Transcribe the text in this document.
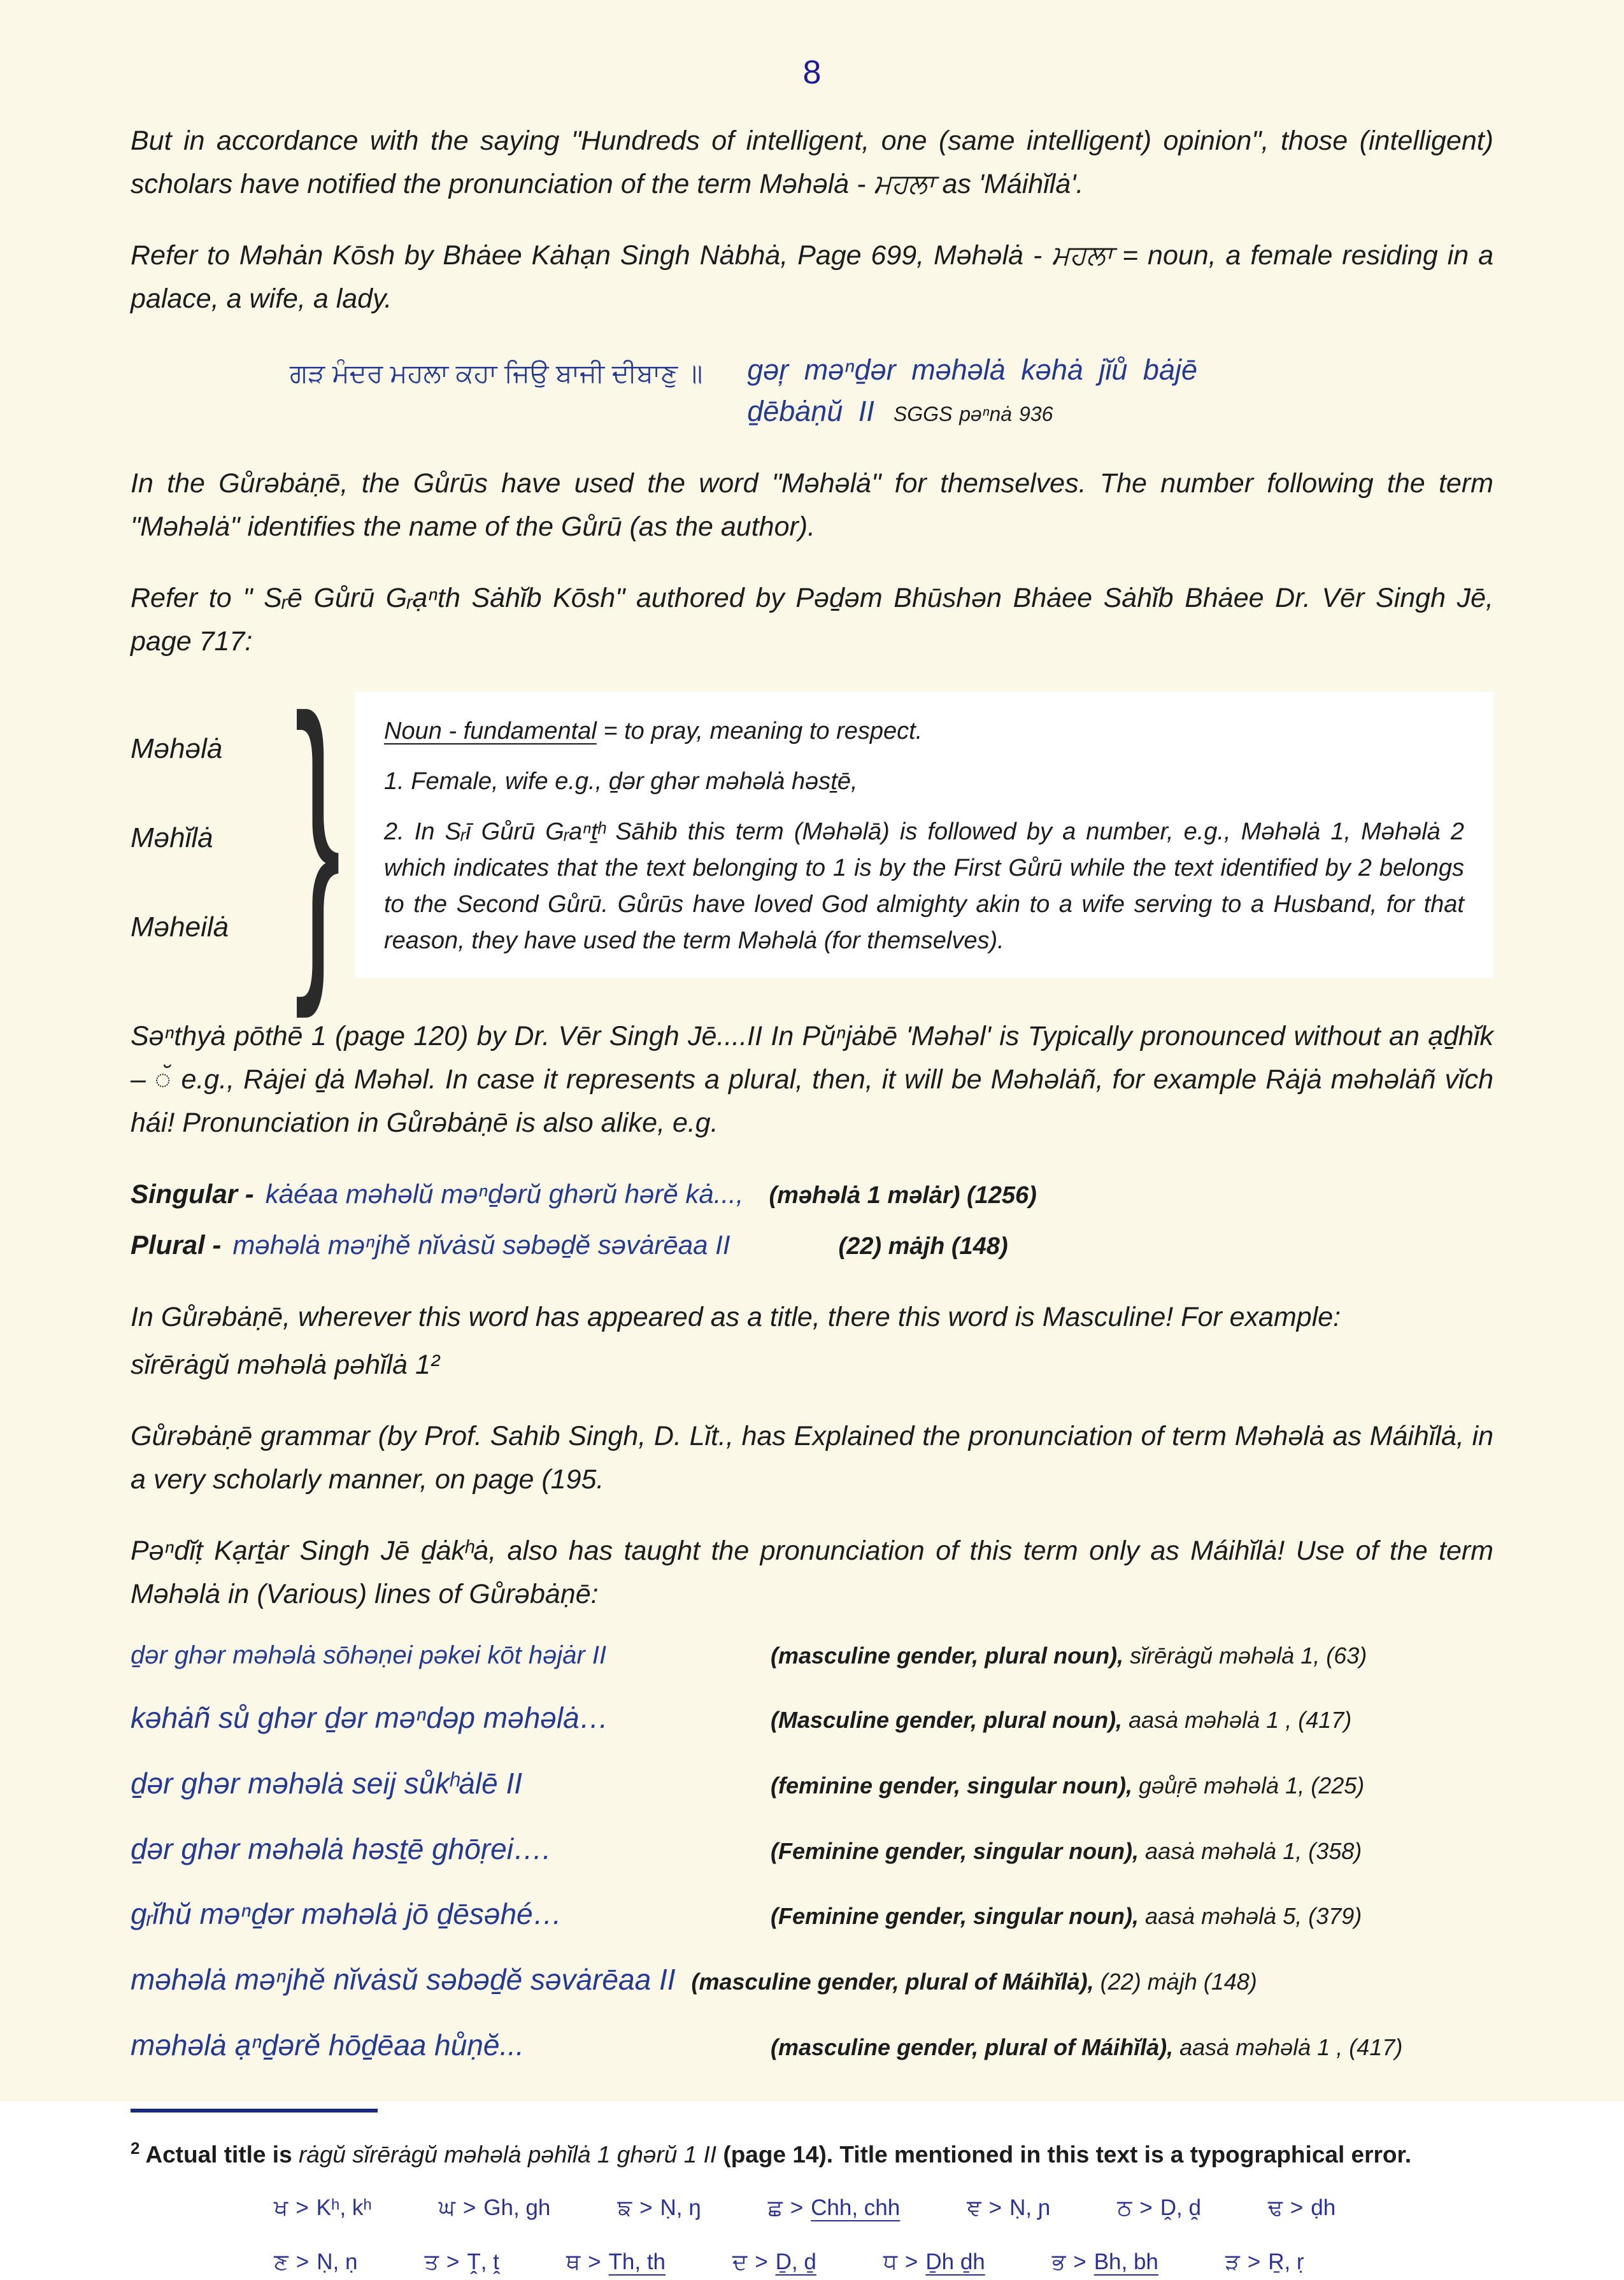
8

But in accordance with the saying "Hundreds of intelligent, one (same intelligent) opinion", those (intelligent) scholars have notified the pronunciation of the term Məhəlȧ - ਮਹਲਾ as 'Máihĭlȧ'.

Refer to Məhȧn Kōsh by Bhȧee Kȧhạn Singh Nȧbhȧ, Page 699, Məhəlȧ - ਮਹਲਾ = noun, a female residing in a palace, a wife, a lady.

ਗੜ ਮੰਦਰ ਮਹਲਾ ਕਹਾ ਜਿਉ ਬਾਜੀ ਦੀਬਾਣੁ ॥ gəŗ məⁿḏər məhəlȧ kəhȧ jĭů bȧjē
ḏēbȧṇŭ II SGGS pəⁿnȧ 936

In the Gůrəbȧṇē, the Gůrūs have used the word "Məhəlȧ" for themselves. The number following the term "Məhəlȧ" identifies the name of the Gůrū (as the author).

Refer to " Sᵣē Gůrū Gᵣạⁿth Sȧhĭb Kōsh" authored by Pəḏəm Bhūshən Bhȧee Sȧhĭb Bhȧee Dr. Vēr Singh Jē, page 717:

Məhəlȧ
Məhĭlȧ
Məheilȧ } Noun - fundamental = to pray, meaning to respect.

1. Female, wife e.g., ḏər ghər məhəlȧ həsṯē,

2. In Sᵣī Gůrū Gᵣaⁿṯʰ Sāhib this term (Məhəlā) is followed by a number, e.g., Məhəlȧ 1, Məhəlȧ 2 which indicates that the text belonging to 1 is by the First Gůrū while the text identified by 2 belongs to the Second Gůrū. Gůrūs have loved God almighty akin to a wife serving to a Husband, for that reason, they have used the term Məhəlȧ (for themselves).

Səⁿthyȧ pōthē 1 (page 120) by Dr. Vēr Singh Jē....II In Pŭⁿjȧbē 'Məhəl' is Typically pronounced without an ạḏhĭk – ◌̆ e.g., Rȧjei ḏȧ Məhəl. In case it represents a plural, then, it will be Məhəlȧñ, for example Rȧjȧ məhəlȧñ vĭch hái! Pronunciation in Gůrəbȧṇē is also alike, e.g.

Singular - kȧéaa məhəlŭ məⁿḏərŭ ghərŭ hərĕ kȧ..., (məhəlȧ 1 məlȧr) (1256)
Plural - məhəlȧ məⁿjhĕ nĭvȧsŭ səbəḏĕ səvȧrēaa II	(22) mȧjh (148)

In Gůrəbȧṇē, wherever this word has appeared as a title, there this word is Masculine! For example:

sĭrērȧgŭ məhəlȧ pəhĭlȧ 1²

Gůrəbȧṇē grammar (by Prof. Sahib Singh, D. Lĭt., has Explained the pronunciation of term Məhəlȧ as Máihĭlȧ, in a very scholarly manner, on page (195.

Pəⁿdĭṭ Kạrṯȧr Singh Jē ḏȧkʰȧ, also has taught the pronunciation of this term only as Máihĭlȧ! Use of the term Məhəlȧ in (Various) lines of Gůrəbȧṇē:

ḏər ghər məhəlȧ sōhəṇei pəkei kōt həjȧr II	(masculine gender, plural noun), sĭrērȧgŭ məhəlȧ 1, (63)
kəhȧñ sů ghər ḏər məⁿdəp məhəlȧ…	(Masculine gender, plural noun), aasȧ məhəlȧ 1 , (417)
ḏər ghər məhəlȧ seij sůkʰȧlē II	(feminine gender, singular noun), gəůṛē məhəlȧ 1, (225)
ḏər ghər məhəlȧ həsṯē ghōṛei….	(Feminine gender, singular noun), aasȧ məhəlȧ 1, (358)
gᵣĭhŭ məⁿḏər məhəlȧ jō ḏēsəhé…	(Feminine gender, singular noun), aasȧ məhəlȧ 5, (379)
məhəlȧ məⁿjhĕ nĭvȧsŭ səbəḏĕ səvȧrēaa II (masculine gender, plural of Máihĭlȧ), (22) mȧjh (148)
məhəlȧ ạⁿḏərĕ hōḏēaa hůṇĕ...	(masculine gender, plural of Máihĭlȧ), aasȧ məhəlȧ 1 , (417)
$^2$ Actual title is rȧgŭ sĭrērȧgŭ məhəlȧ pəhĭlȧ 1 ghərŭ 1 II (page 14). Title mentioned in this text is a typographical error.
ਖ > Kʰ, kʰ	ਘ > Gh, gh	ਙ > Ṇ, ŋ	ਛ > Chh, chh	ਞ > Ṇ, ɲ	ਠ > Ḓ, ḓ	ਢ > ḍh
ਣ > Ṇ, ṇ	ਤ > Ṱ, ṱ	ਥ > Th, th	ਦ > Ḏ, ḏ	ਧ > Ḏh ḏh	ਭ > Bh, bh	ੜ > Ṟ, ṛ
